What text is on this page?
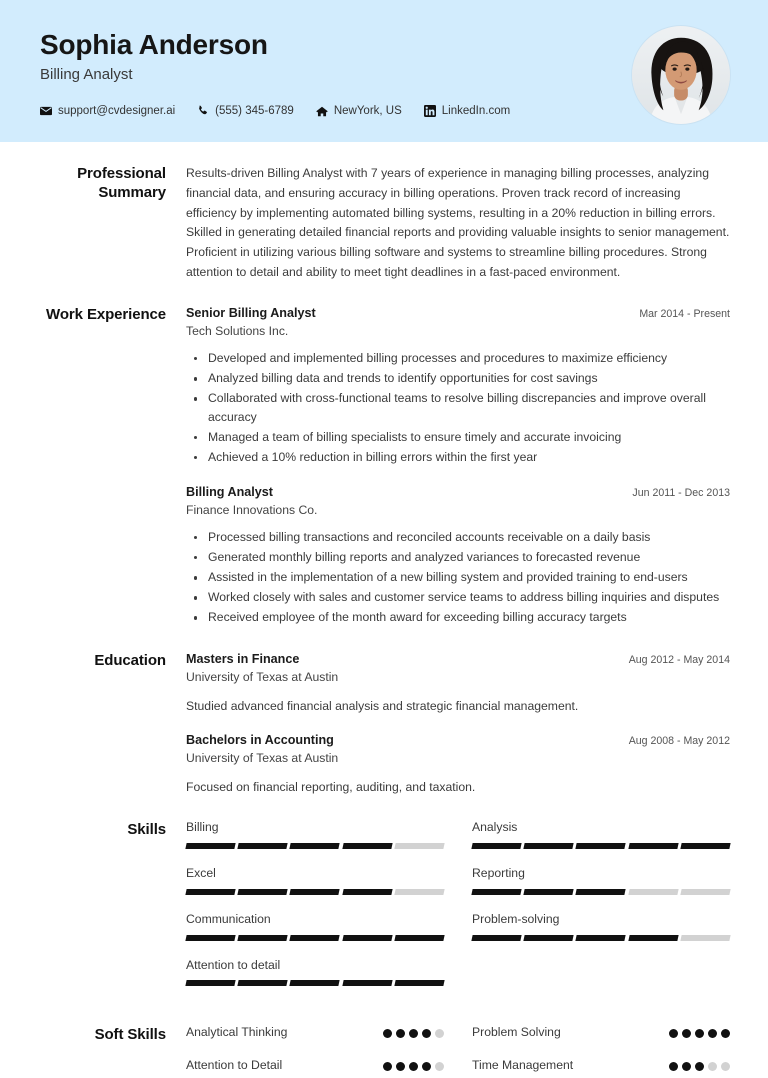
Sophia Anderson
Billing Analyst
support@cvdesigner.ai	(555) 345-6789	NewYork, US	LinkedIn.com
Professional Summary

Results-driven Billing Analyst with 7 years of experience in managing billing processes, analyzing financial data, and ensuring accuracy in billing operations. Proven track record of increasing efficiency by implementing automated billing systems, resulting in a 20% reduction in billing errors. Skilled in generating detailed financial reports and providing valuable insights to senior management. Proficient in utilizing various billing software and systems to streamline billing procedures. Strong attention to detail and ability to meet tight deadlines in a fast-paced environment.

Work Experience Senior Billing Analyst	Mar 2014 - Present
Tech Solutions Inc.
Developed and implemented billing processes and procedures to maximize efficiency
Analyzed billing data and trends to identify opportunities for cost savings
Collaborated with cross-functional teams to resolve billing discrepancies and improve overall accuracy
Managed a team of billing specialists to ensure timely and accurate invoicing
Achieved a 10% reduction in billing errors within the first year
Billing Analyst	Jun 2011 - Dec 2013
Finance Innovations Co.
Processed billing transactions and reconciled accounts receivable on a daily basis
Generated monthly billing reports and analyzed variances to forecasted revenue
Assisted in the implementation of a new billing system and provided training to end-users
Worked closely with sales and customer service teams to address billing inquiries and disputes
Received employee of the month award for exceeding billing accuracy targets
Education Masters in Finance	Aug 2012 - May 2014
University of Texas at Austin
Studied advanced financial analysis and strategic financial management.
Bachelors in Accounting	Aug 2008 - May 2012
University of Texas at Austin
Focused on financial reporting, auditing, and taxation.
Skills Billing	Analysis
Excel	Reporting
Communication	Problem-solving
Attention to detail
Soft Skills Analytical Thinking	Problem Solving
Attention to Detail	Time Management
